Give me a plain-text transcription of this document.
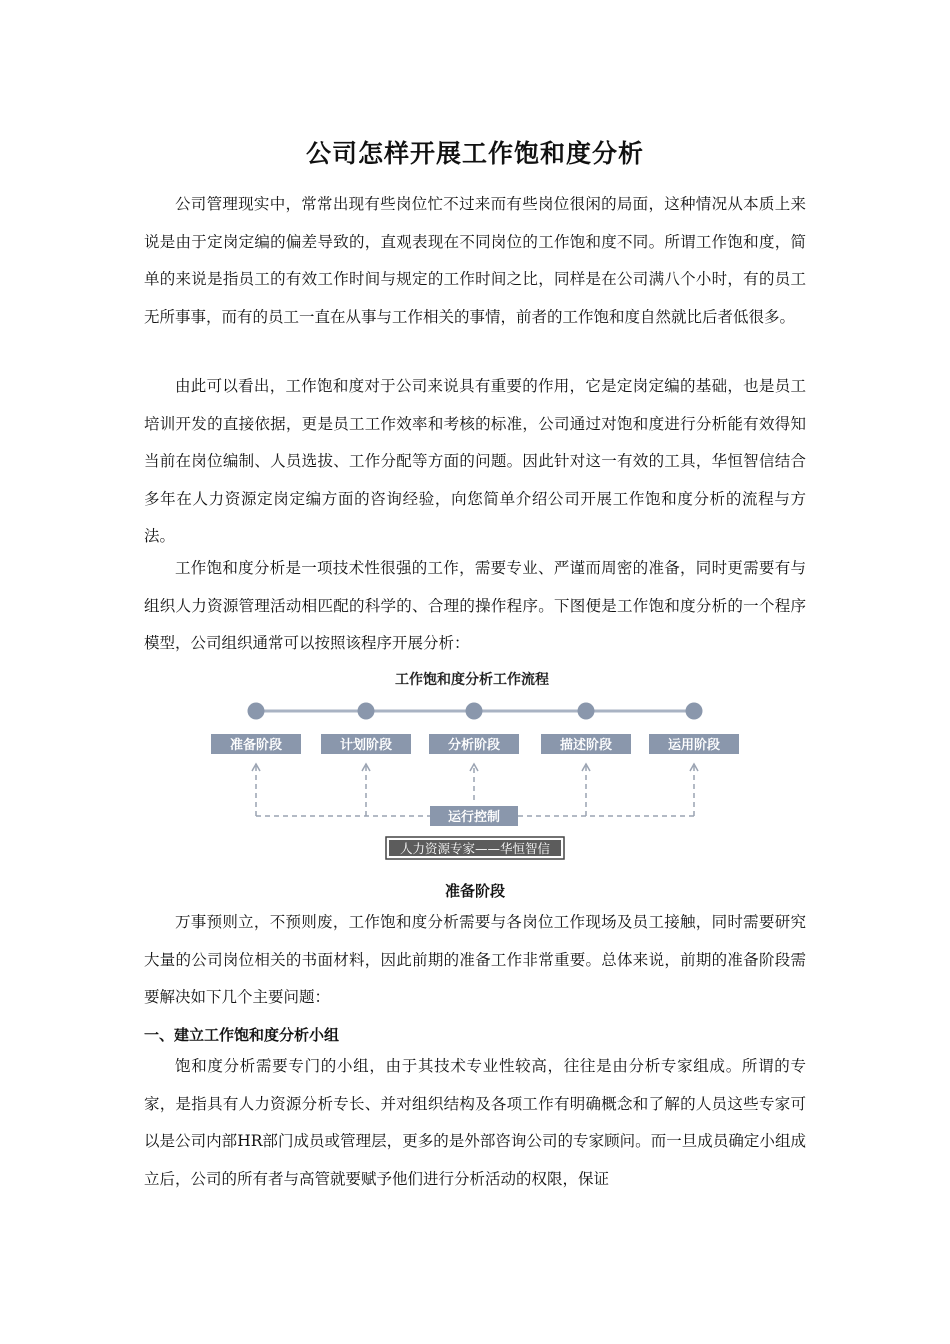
公司怎样开展工作饱和度分析

公司管理现实中，常常出现有些岗位忙不过来而有些岗位很闲的局面，这种情况从本质上来说是由于定岗定编的偏差导致的，直观表现在不同岗位的工作饱和度不同。所谓工作饱和度，简单的来说是指员工的有效工作时间与规定的工作时间之比，同样是在公司满八个小时，有的员工无所事事，而有的员工一直在从事与工作相关的事情，前者的工作饱和度自然就比后者低很多。

由此可以看出，工作饱和度对于公司来说具有重要的作用，它是定岗定编的基础，也是员工培训开发的直接依据，更是员工工作效率和考核的标准，公司通过对饱和度进行分析能有效得知当前在岗位编制、人员选拔、工作分配等方面的问题。因此针对这一有效的工具，华恒智信结合多年在人力资源定岗定编方面的咨询经验，向您简单介绍公司开展工作饱和度分析的流程与方法。

工作饱和度分析是一项技术性很强的工作，需要专业、严谨而周密的准备，同时更需要有与组织人力资源管理活动相匹配的科学的、合理的操作程序。下图便是工作饱和度分析的一个程序模型，公司组织通常可以按照该程序开展分析：

工作饱和度分析工作流程
准备阶段	计划阶段	分析阶段	描述阶段	运用阶段
运行控制
人力资源专家——华恒智信
准备阶段

万事预则立，不预则废，工作饱和度分析需要与各岗位工作现场及员工接触，同时需要研究大量的公司岗位相关的书面材料，因此前期的准备工作非常重要。总体来说，前期的准备阶段需要解决如下几个主要问题：

一、建立工作饱和度分析小组

饱和度分析需要专门的小组，由于其技术专业性较高，往往是由分析专家组成。所谓的专家，是指具有人力资源分析专长、并对组织结构及各项工作有明确概念和了解的人员这些专家可以是公司内部HR部门成员或管理层，更多的是外部咨询公司的专家顾问。而一旦成员确定小组成立后，公司的所有者与高管就要赋予他们进行分析活动的权限，保证
